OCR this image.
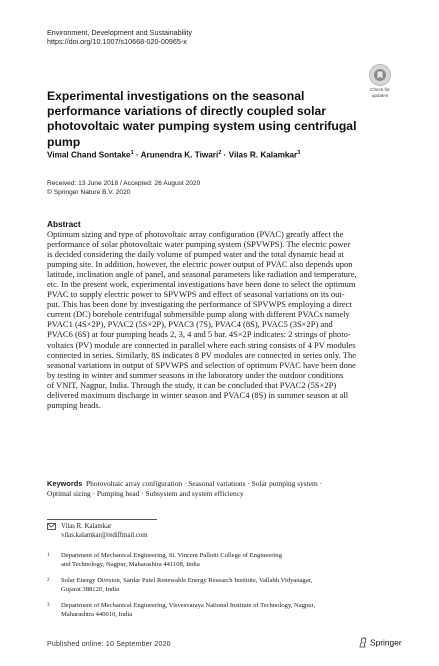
Environment, Development and Sustainability
https://doi.org/10.1007/s10668-020-00965-x
Check for
updates
Experimental investigations on the seasonal performance variations of directly coupled solar photovoltaic water pumping system using centrifugal pump
Vimal Chand Sontake$^1$ · Arunendra K. Tiwari$^2$ · Vilas R. Kalamkar$^3$
Received: 13 June 2018 / Accepted: 26 August 2020
© Springer Nature B.V. 2020
Abstract
Optimum sizing and type of photovoltaic array configuration (PVAC) greatly affect the
performance of solar photovoltaic water pumping system (SPVWPS). The electric power
is decided considering the daily volume of pumped water and the total dynamic head at
pumping site. In addition, however, the electric power output of PVAC also depends upon
latitude, inclination angle of panel, and seasonal parameters like radiation and temperature,
etc. In the present work, experimental investigations have been done to select the optimum
PVAC to supply electric power to SPVWPS and effect of seasonal variations on its out-
put. This has been done by investigating the performance of SPVWPS employing a direct
current (DC) borehole centrifugal submersible pump along with different PVACs namely
PVAC1 (4S×2P), PVAC2 (5S×2P), PVAC3 (7S), PVAC4 (8S), PVAC5 (3S×2P) and
PVAC6 (6S) at four pumping heads 2, 3, 4 and 5 bar. 4S×2P indicates: 2 strings of photo-
voltaics (PV) module are connected in parallel where each string consists of 4 PV modules
connected in series. Similarly, 8S indicates 8 PV modules are connected in series only. The
seasonal variations in output of SPVWPS and selection of optimum PVAC have been done
by testing in winter and summer seasons in the laboratory under the outdoor conditions
of VNIT, Nagpur, India. Through the study, it can be concluded that PVAC2 (5S×2P)
delivered maximum discharge in winter season and PVAC4 (8S) in summer season at all
pumping heads.
Keywords Photovoltaic array configuration · Seasonal variations · Solar pumping system ·
Optimal sizing · Pumping head · Subsystem and system efficiency
Vilas R. Kalamkar
vilas.kalamkar@rediffmail.com
1 Department of Mechanical Engineering, St. Vincent Pallotti College of Engineering
and Technology, Nagpur, Maharashtra 441108, India
2 Solar Energy Division, Sardar Patel Renewable Energy Research Institute, Vallabh Vidyanagar,
Gujarat 388120, India
3 Department of Mechanical Engineering, Visvesvaraya National Institute of Technology, Nagpur,
Maharashtra 440010, India
Published online: 10 September 2020	Springer
